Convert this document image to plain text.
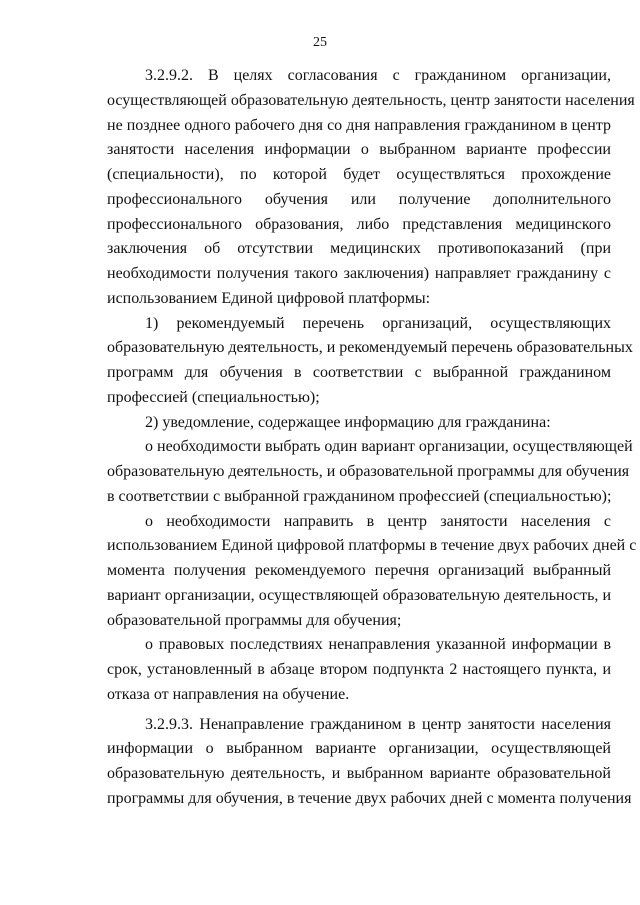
25
3.2.9.2. В целях согласования с гражданином организации,
осуществляющей образовательную деятельность, центр занятости населения
не позднее одного рабочего дня со дня направления гражданином в центр
занятости населения информации о выбранном варианте профессии
(специальности), по которой будет осуществляться прохождение
профессионального обучения или получение дополнительного
профессионального образования, либо представления медицинского
заключения об отсутствии медицинских противопоказаний (при
необходимости получения такого заключения) направляет гражданину с
использованием Единой цифровой платформы:
1) рекомендуемый перечень организаций, осуществляющих
образовательную деятельность, и рекомендуемый перечень образовательных
программ для обучения в соответствии с выбранной гражданином
профессией (специальностью);
2) уведомление, содержащее информацию для гражданина:
о необходимости выбрать один вариант организации, осуществляющей
образовательную деятельность, и образовательной программы для обучения
в соответствии с выбранной гражданином профессией (специальностью);
о необходимости направить в центр занятости населения с
использованием Единой цифровой платформы в течение двух рабочих дней с
момента получения рекомендуемого перечня организаций выбранный
вариант организации, осуществляющей образовательную деятельность, и
образовательной программы для обучения;
о правовых последствиях ненаправления указанной информации в
срок, установленный в абзаце втором подпункта 2 настоящего пункта, и
отказа от направления на обучение.
3.2.9.3. Ненаправление гражданином в центр занятости населения
информации о выбранном варианте организации, осуществляющей
образовательную деятельность, и выбранном варианте образовательной
программы для обучения, в течение двух рабочих дней с момента получения
